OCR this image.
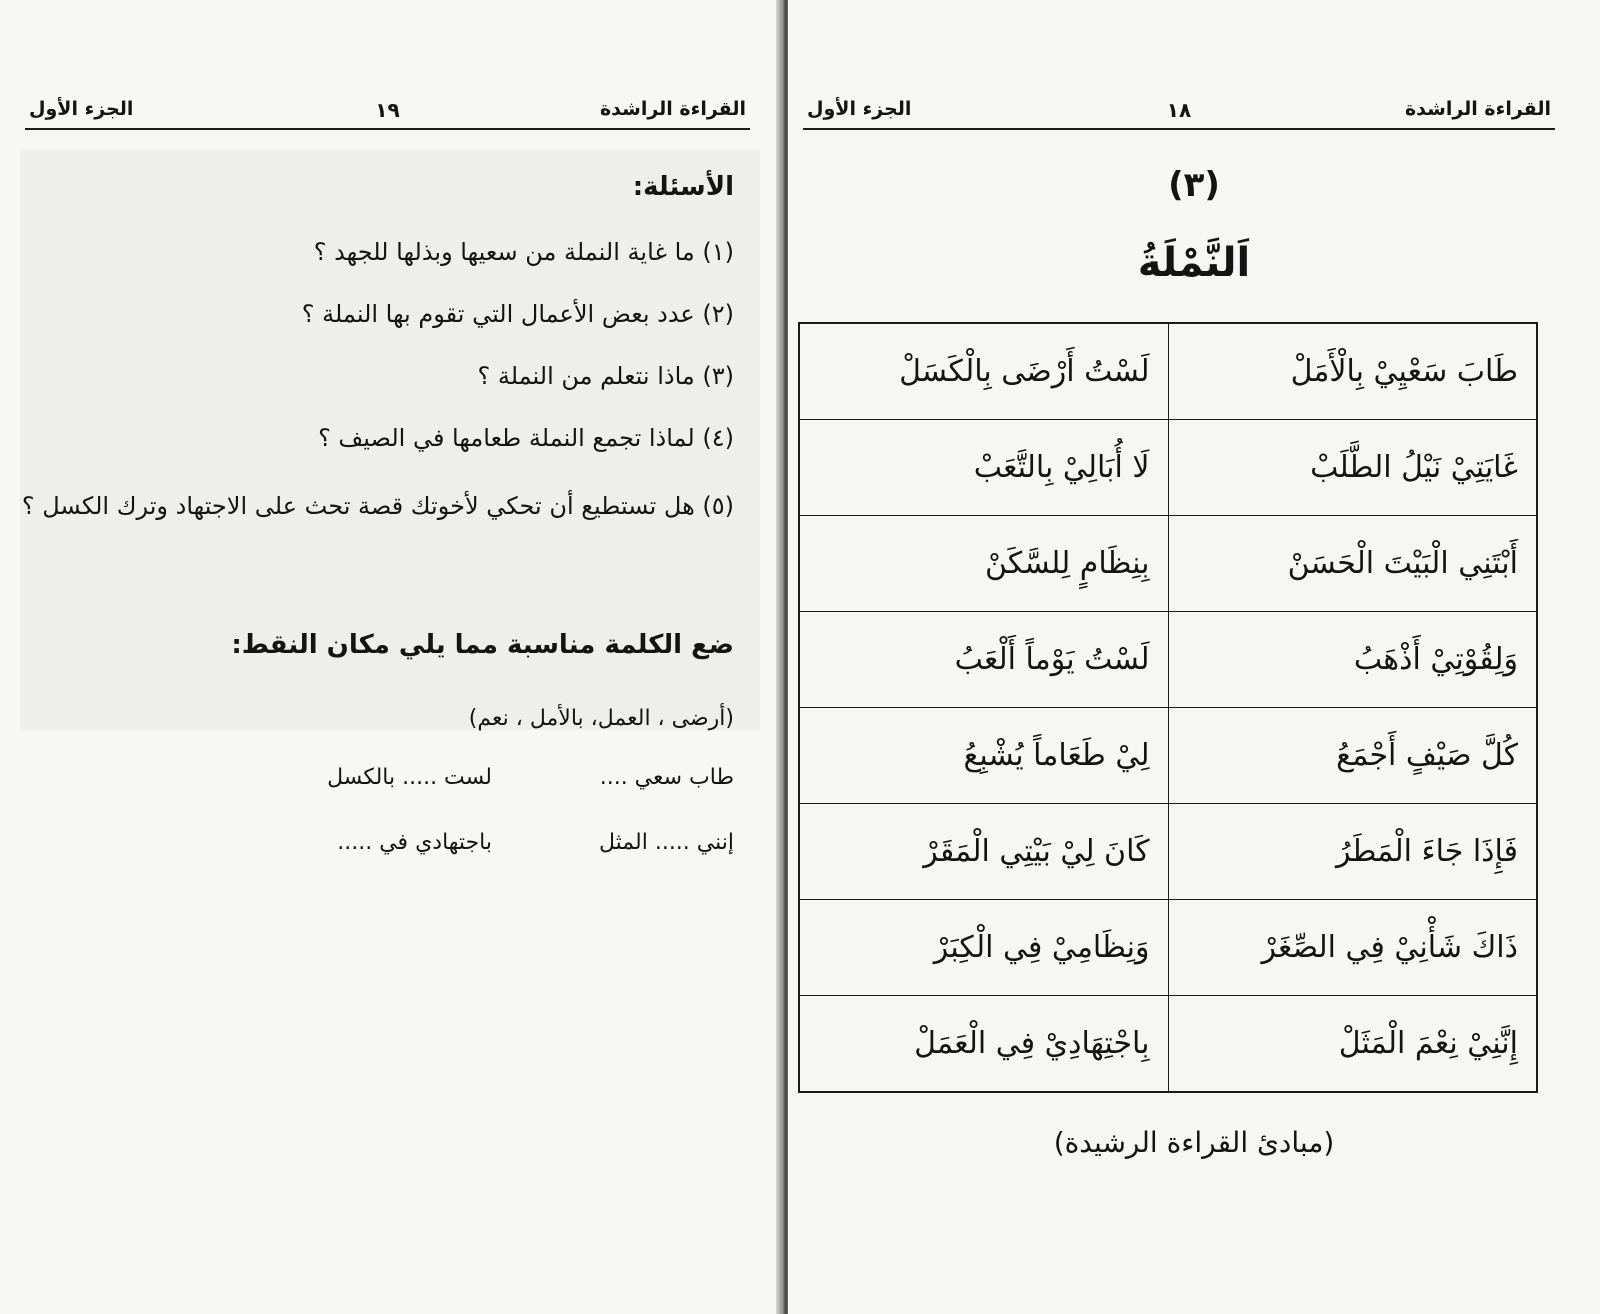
القراءة الراشدة
١٩
الجزء الأول
الأسئلة:
(١) ما غاية النملة من سعيها وبذلها للجهد ؟
(٢) عدد بعض الأعمال التي تقوم بها النملة ؟
(٣) ماذا نتعلم من النملة ؟
(٤) لماذا تجمع النملة طعامها في الصيف ؟
(٥) هل تستطيع أن تحكي لأخوتك قصة تحث على الاجتهاد وترك الكسل ؟
ضع الكلمة مناسبة مما يلي مكان النقط:
(أرضى ، العمل، بالأمل ، نعم)
طاب سعي ....
لست ..... بالكسل
إنني ..... المثل
باجتهادي في .....
القراءة الراشدة
١٨
الجزء الأول
(٣)
اَلنَّمْلَةُ
طَابَ سَعْيِيْ بِالْأَمَلْ	لَسْتُ أَرْضَى بِالْكَسَلْ
غَايَتِيْ نَيْلُ الطَّلَبْ	لَا أُبَالِيْ بِالتَّعَبْ
أَبْتَنِي الْبَيْتَ الْحَسَنْ	بِنِظَامٍ لِلسَّكَنْ
وَلِقُوْتِيْ أَذْهَبُ	لَسْتُ يَوْماً أَلْعَبُ
كُلَّ صَيْفٍ أَجْمَعُ	لِيْ طَعَاماً يُشْبِعُ
فَإِذَا جَاءَ الْمَطَرُ	كَانَ لِيْ بَيْتِي الْمَقَرْ
ذَاكَ شَأْنِيْ فِي الصِّغَرْ	وَنِظَامِيْ فِي الْكِبَرْ
إِنَّنِيْ نِعْمَ الْمَثَلْ	بِاجْتِهَادِيْ فِي الْعَمَلْ
(مبادئ القراءة الرشيدة)
